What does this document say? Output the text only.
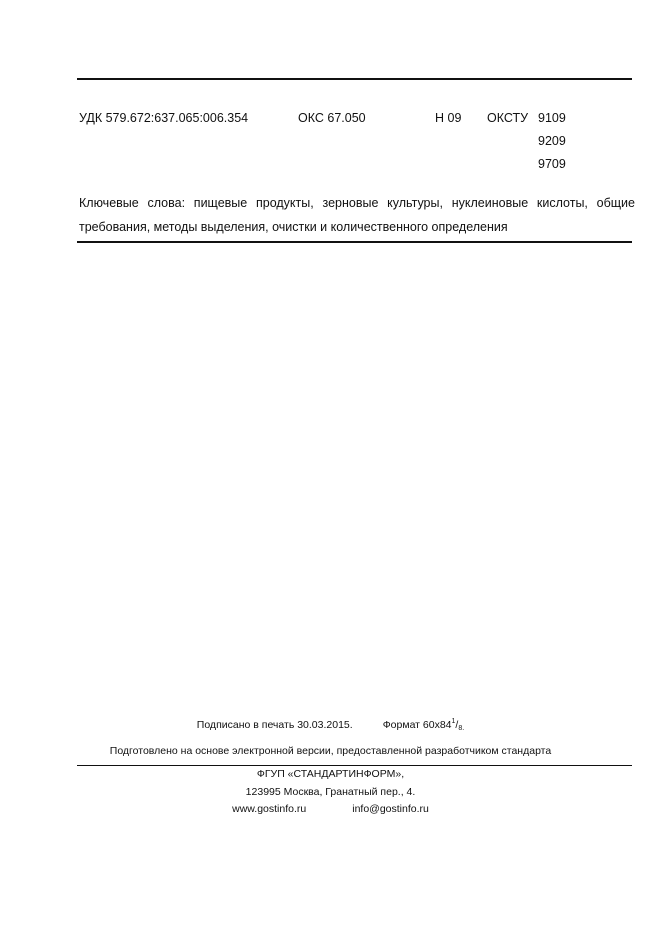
УДК 579.672:637.065:006.354	ОКС 67.050	Н 09 ОКСТУ 9109
9209
9709
Ключевые слова: пищевые продукты, зерновые культуры, нуклеиновые кислоты, общие требования, методы выделения, очистки и количественного определения
Подписано в печать 30.03.2015.	Формат $60х84^1/8$.
Подготовлено на основе электронной версии, предоставленной разработчиком стандарта
ФГУП «СТАНДАРТИНФОРМ»,
123995 Москва, Гранатный пер., 4.
www.gostinfo.ru	info@gostinfo.ru
